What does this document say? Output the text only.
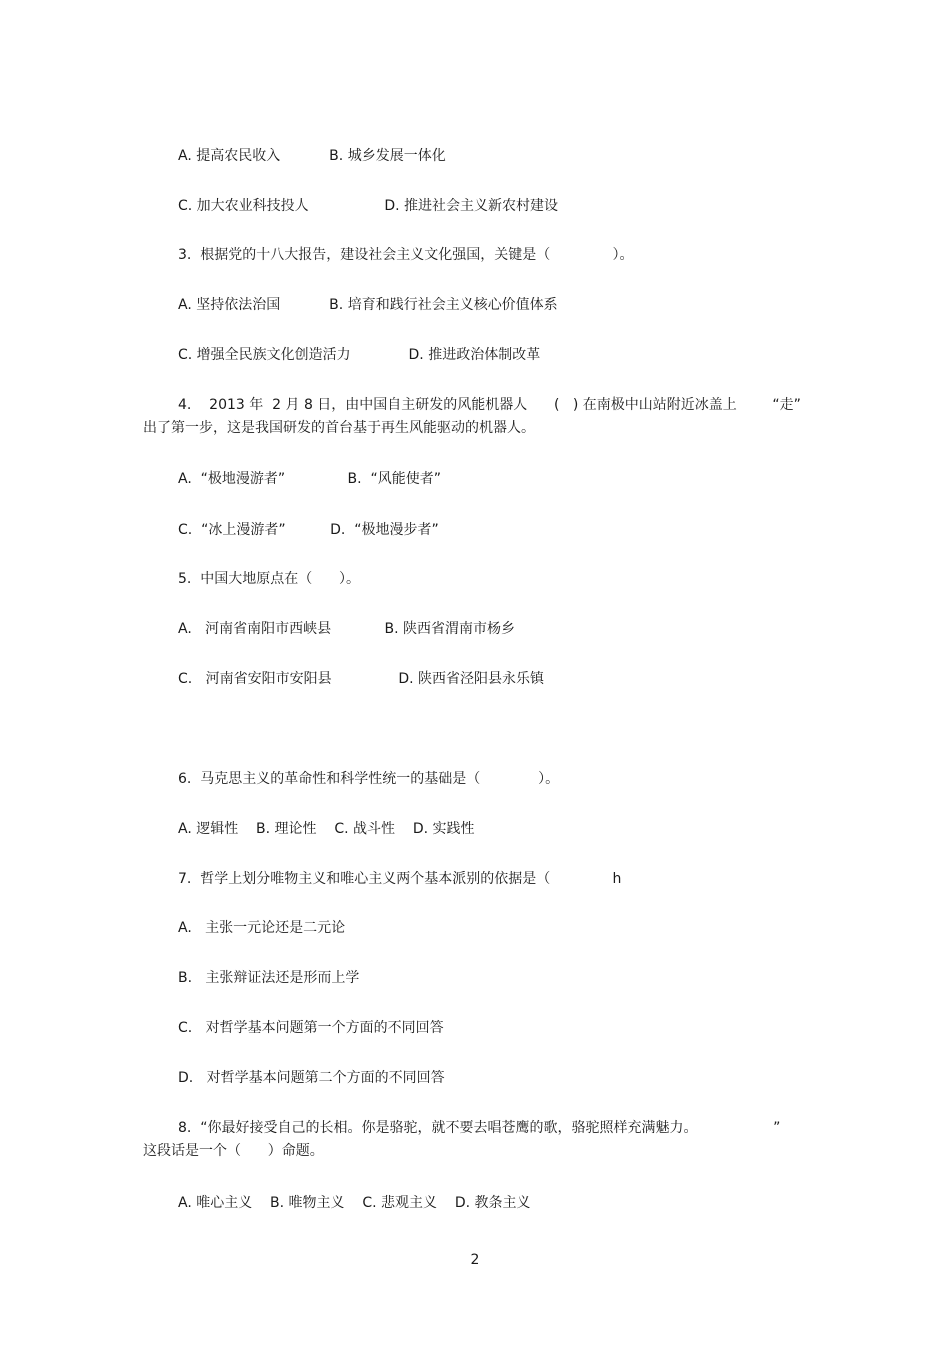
A. 提高农民收入           B. 城乡发展一体化
C. 加大农业科技投人                 D. 推进社会主义新农村建设
3.  根据党的十八大报告，建设社会主义文化强国，关键是（              ）。
A. 坚持依法治国           B. 培育和践行社会主义核心价值体系
C. 增强全民族文化创造活力             D. 推进政治体制改革
4.    2013 年  2 月 8 日，由中国自主研发的风能机器人      (   ) 在南极中山站附近冰盖上        “走”
出了第一步，这是我国研发的首台基于再生风能驱动的机器人。
A.  “极地漫游者”              B.  “风能使者”
C.  “冰上漫游者”          D.  “极地漫步者”
5.  中国大地原点在（      ）。
A.   河南省南阳市西峡县            B. 陕西省渭南市杨乡
C.   河南省安阳市安阳县               D. 陕西省泾阳县永乐镇
6.  马克思主义的革命性和科学性统一的基础是（             ）。
A. 逻辑性    B. 理论性    C. 战斗性    D. 实践性
7.  哲学上划分唯物主义和唯心主义两个基本派别的依据是（              h
A.   主张一元论还是二元论
B.   主张辩证法还是形而上学
C.   对哲学基本问题第一个方面的不同回答
D.   对哲学基本问题第二个方面的不同回答
8.  “你最好接受自己的长相。你是骆驼，就不要去唱苍鹰的歌，骆驼照样充满魅力。                 ”
这段话是一个（      ）命题。
A. 唯心主义    B. 唯物主义    C. 悲观主义    D. 教条主义
2
